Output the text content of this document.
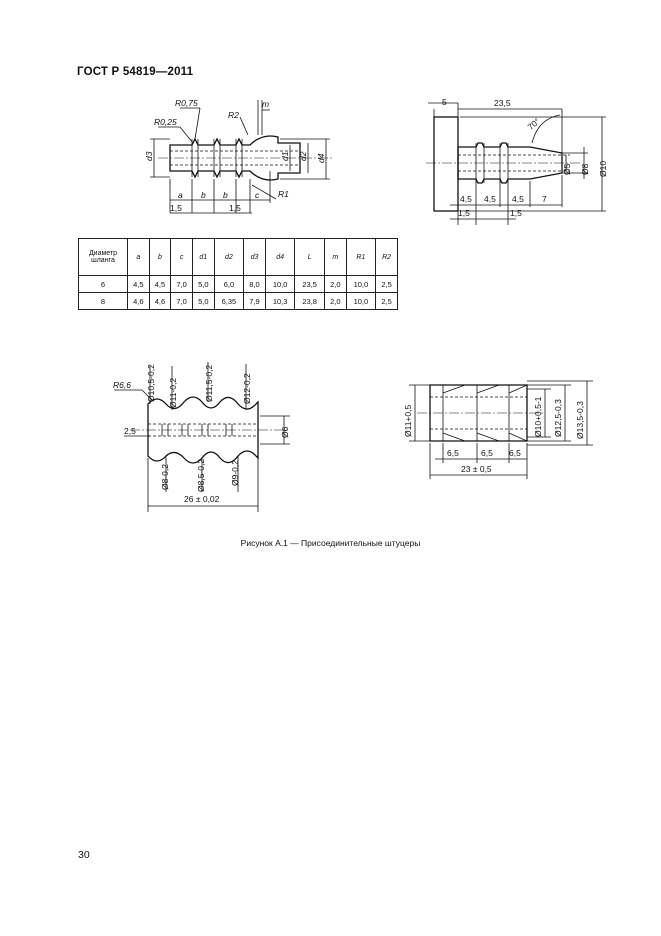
ГОСТ Р 54819—2011
R0,75
R0,25
R2
m
d3	d1 d2 d4
a b b	c R1
1,5	1,5
5	23,5
70°
Ø5 Ø8 Ø10
4,5 4,5 4,5 7
1,5	1,5
Диаметр шланга	a	b	c	d1	d2	d3	d4	L	m	R1	R2
6	4,5	4,5	7,0	5,0	6,0	8,0	10,0	23,5	2,0	10,0	2,5
8	4,6	4,6	7,0	5,0	6,35	7,9	10,3	23,8	2,0	10,0	2,5
R6,6 Ø10,5-0,2 Ø11-0,2	Ø11,5-0,2	Ø12-0,2
2,5	Ø6
Ø8-0,2	Ø8,5-0,2	Ø9-0,2
26 ± 0,02
Ø11+0,5	Ø10+0,5-1 Ø12,5-0,3 Ø13,5-0,3
6,5	6,5 6,5
23 ± 0,5
Рисунок А.1 — Присоединительные штуцеры
30
